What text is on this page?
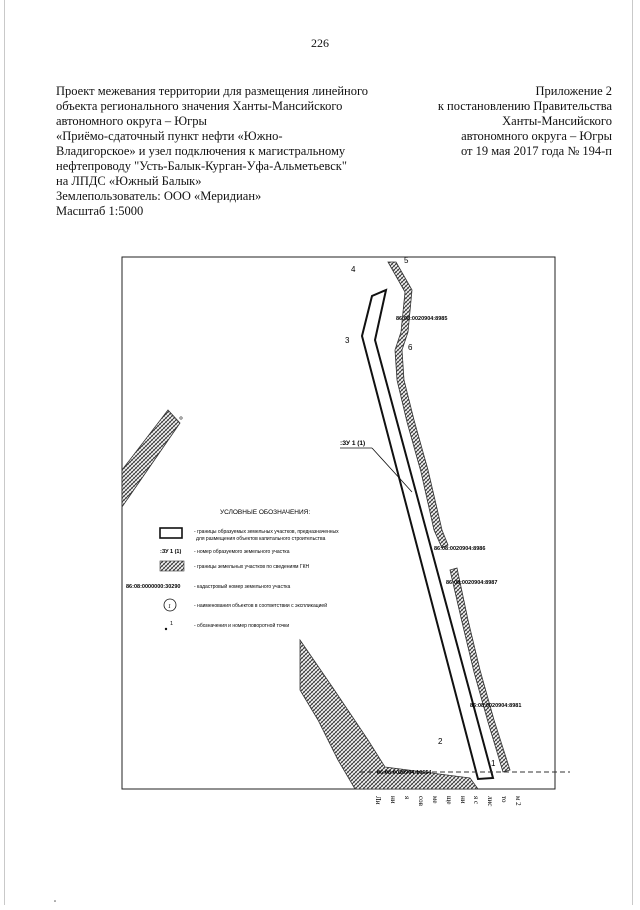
226
Проект межевания территории для размещения линейного
объекта регионального значения Ханты-Мансийского
автономного округа – Югры
«Приёмо-сдаточный пункт нефти «Южно-
Владигорское» и узел подключения к магистральному
нефтепроводу "Усть-Балык-Курган-Уфа-Альметьевск"
на ЛПДС «Южный Балык»
Землепользователь: ООО «Меридиан»
Масштаб 1:5000
Приложение 2
к постановлению Правительства
Ханты-Мансийского
автономного округа – Югры
от 19 мая 2017 года № 194-п
1
2
3
4
5
6
:ЗУ 1 (1)
86:08:0020904:8985
86:08:0020904:8986
86:08:0020904:8987
86:08:0020904:8981
86:08:0020904:10654
УСЛОВНЫЕ ОБОЗНАЧЕНИЯ:
- границы образуемых земельных участков, предназначенных
для размещения объектов капитального строительства
:ЗУ 1 (1)	- номер образуемого земельного участка
- границы земельных участков по сведениям ГКН
86:08:0000000:30290	- кадастровый номер земельного участка
1	- наименования объектов в соответствии с экспликацией
1	- обозначения и номер поворотной точки
Ли ни я сов ме ще ни я с лис то м 2
